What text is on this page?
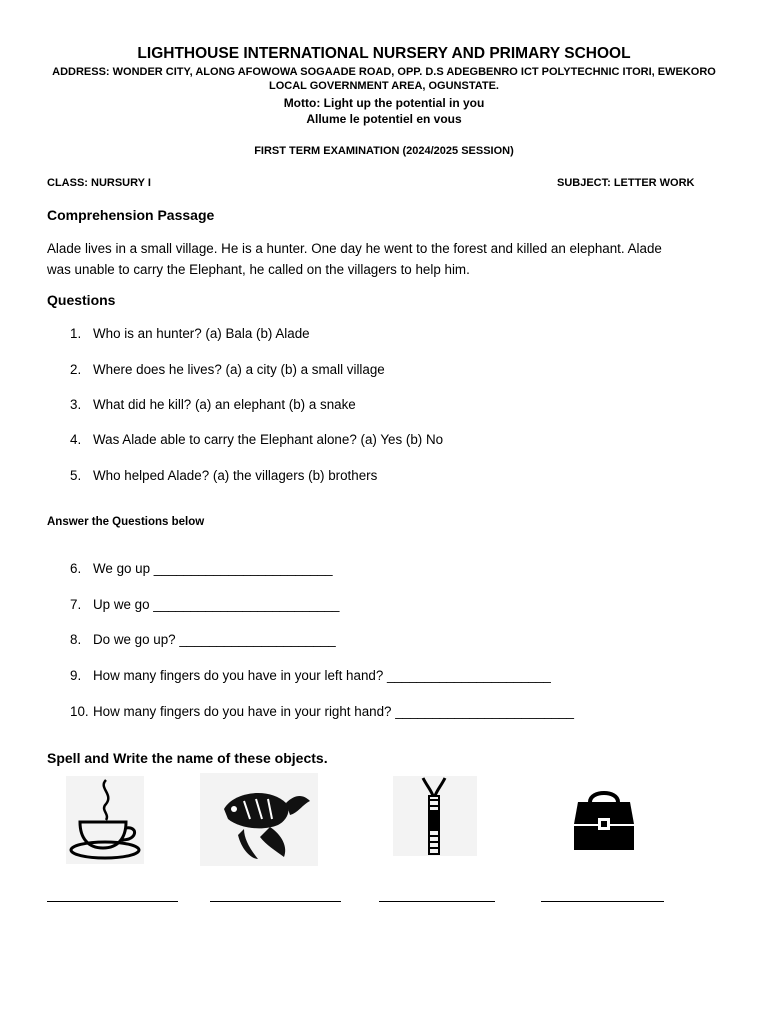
LIGHTHOUSE INTERNATIONAL NURSERY AND PRIMARY SCHOOL
ADDRESS: WONDER CITY, ALONG AFOWOWA SOGAADE ROAD, OPP. D.S ADEGBENRO ICT POLYTECHNIC ITORI, EWEKORO
LOCAL GOVERNMENT AREA, OGUNSTATE.
Motto: Light up the potential in you
Allume le potentiel en vous
FIRST TERM EXAMINATION (2024/2025 SESSION)
CLASS: NURSURY I	SUBJECT: LETTER WORK
Comprehension Passage
Alade lives in a small village. He is a hunter. One day he went to the forest and killed an elephant. Alade
was unable to carry the Elephant, he called on the villagers to help him.
Questions
1. Who is an hunter? (a) Bala (b) Alade
2. Where does he lives? (a) a city (b) a small village
3. What did he kill? (a) an elephant (b) a snake
4. Was Alade able to carry the Elephant alone? (a) Yes (b) No
5. Who helped Alade? (a) the villagers (b) brothers
Answer the Questions below
6. We go up ________________________
7. Up we go _________________________
8. Do we go up? _____________________
9. How many fingers do you have in your left hand? ______________________
10. How many fingers do you have in your right hand? ________________________
Spell and Write the name of these objects.
